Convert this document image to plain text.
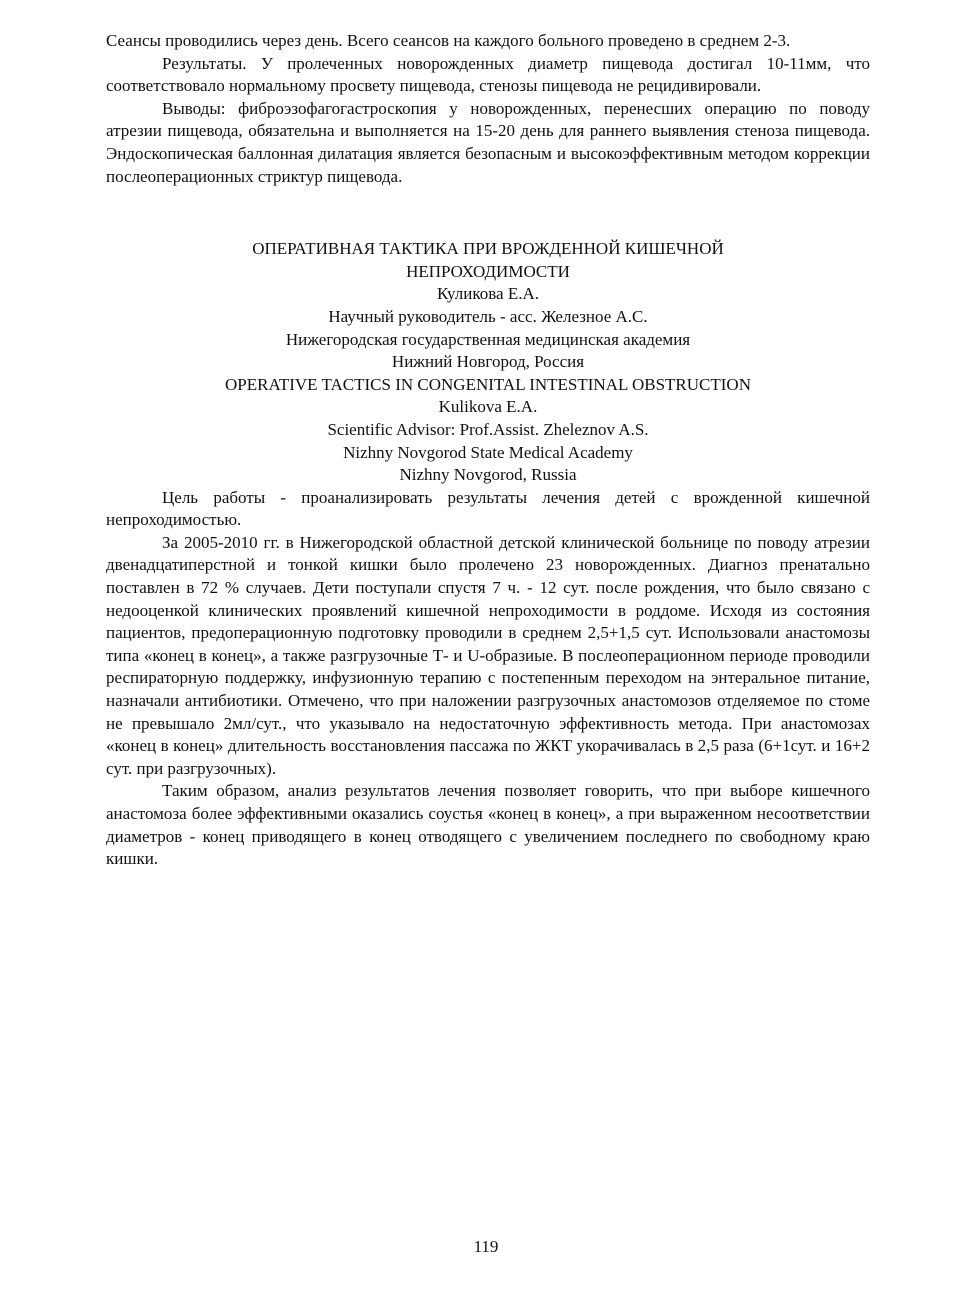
Сеансы проводились через день. Всего сеансов на каждого больного проведено в среднем 2-3.

Результаты. У пролеченных новорожденных диаметр пищевода достигал 10-11мм, что соответствовало нормальному просвету пищевода, стенозы пищевода не рецидивировали.

Выводы: фиброэзофагогастроскопия у новорожденных, перенесших операцию по поводу атрезии пищевода, обязательна и выполняется на 15-20 день для раннего выявления стеноза пищевода. Эндоскопическая баллонная дилатация является безопасным и высокоэффективным методом коррекции послеоперационных стриктур пищевода.

ОПЕРАТИВНАЯ ТАКТИКА ПРИ ВРОЖДЕННОЙ КИШЕЧНОЙ

НЕПРОХОДИМОСТИ

Куликова Е.А.

Научный руководитель - асс. Железное А.С.

Нижегородская государственная медицинская академия

Нижний Новгород, Россия

OPERATIVE TACTICS IN CONGENITAL INTESTINAL OBSTRUCTION

Kulikova E.A.

Scientific Advisor: Prof.Assist. Zheleznov A.S.

Nizhny Novgorod State Medical Academy

Nizhny Novgorod, Russia

Цель работы - проанализировать результаты лечения детей с врожденной кишечной непроходимостью.

За 2005-2010 гг. в Нижегородской областной детской клинической больнице по поводу атрезии двенадцатиперстной и тонкой кишки было пролечено 23 новорожденных. Диагноз пренатально поставлен в 72 % случаев. Дети поступали спустя 7 ч. - 12 сут. после рождения, что было связано с недооценкой клинических проявлений кишечной непроходимости в роддоме. Исходя из состояния пациентов, предоперационную подготовку проводили в среднем 2,5+1,5 сут. Использовали анастомозы типа «конец в конец», а также разгрузочные Т- и U-образиые. В послеоперационном периоде проводили респираторную поддержку, инфузионную терапию с постепенным переходом на энтеральное питание, назначали антибиотики. Отмечено, что при наложении разгрузочных анастомозов отделяемое по стоме не превышало 2мл/сут., что указывало на недостаточную эффективность метода. При анастомозах «конец в конец» длительность восстановления пассажа по ЖКТ укорачивалась в 2,5 раза (6+1сут. и 16+2 сут. при разгрузочных).

Таким образом, анализ результатов лечения позволяет говорить, что при выборе кишечного анастомоза более эффективными оказались соустья «конец в конец», а при выраженном несоответствии диаметров - конец приводящего в конец отводящего с увеличением последнего по свободному краю кишки.

119
